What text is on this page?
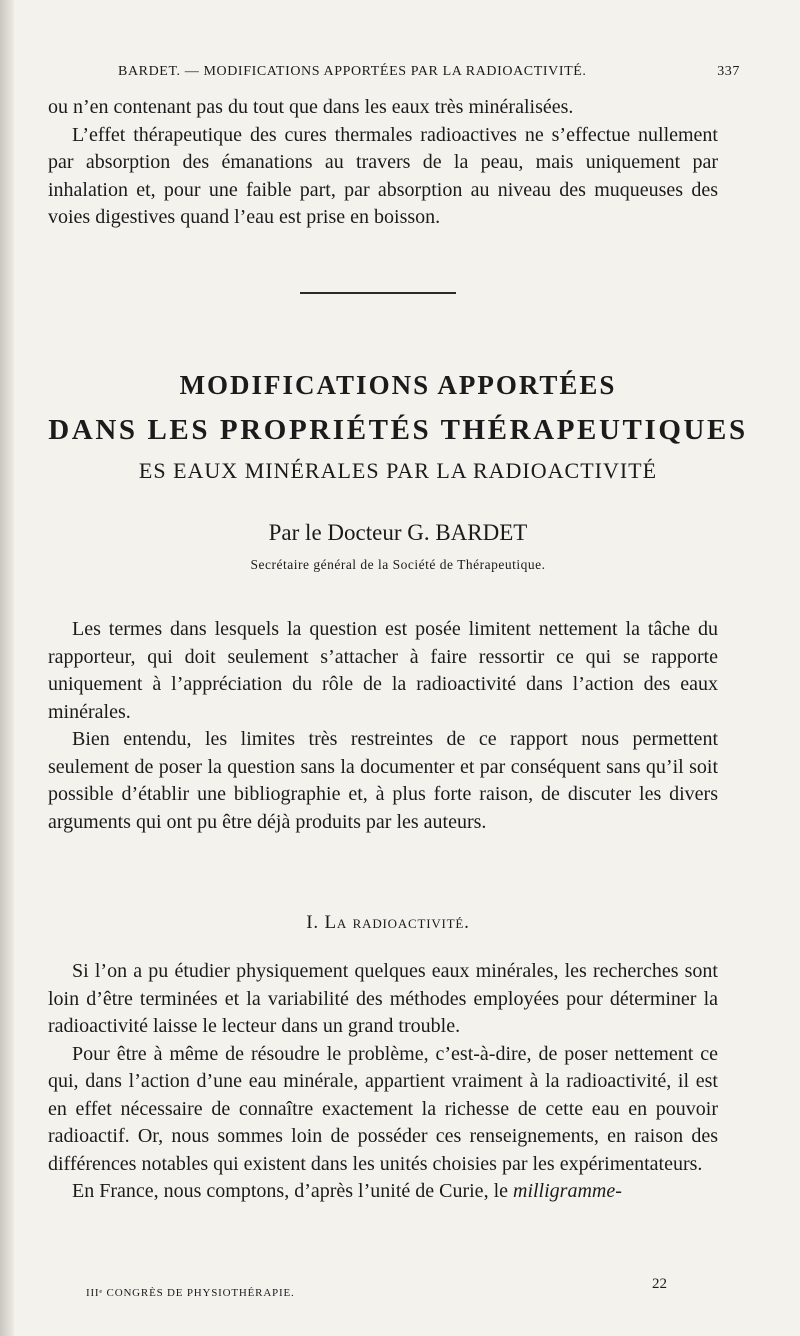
BARDET. — MODIFICATIONS APPORTÉES PAR LA RADIOACTIVITÉ.	337

ou n’en contenant pas du tout que dans les eaux très minéralisées.

L’effet thérapeutique des cures thermales radioactives ne s’effectue nullement par absorption des émanations au travers de la peau, mais uniquement par inhalation et, pour une faible part, par absorption au niveau des muqueuses des voies digestives quand l’eau est prise en boisson.

MODIFICATIONS APPORTÉES
DANS LES PROPRIÉTÉS THÉRAPEUTIQUES
ES EAUX MINÉRALES PAR LA RADIOACTIVITÉ
Par le Docteur G. BARDET
Secrétaire général de la Société de Thérapeutique.

Les termes dans lesquels la question est posée limitent nettement la tâche du rapporteur, qui doit seulement s’attacher à faire ressortir ce qui se rapporte uniquement à l’appréciation du rôle de la radioactivité dans l’action des eaux minérales.

Bien entendu, les limites très restreintes de ce rapport nous permettent seulement de poser la question sans la documenter et par conséquent sans qu’il soit possible d’établir une bibliographie et, à plus forte raison, de discuter les divers arguments qui ont pu être déjà produits par les auteurs.

I. La radioactivité.

Si l’on a pu étudier physiquement quelques eaux minérales, les recherches sont loin d’être terminées et la variabilité des méthodes employées pour déterminer la radioactivité laisse le lecteur dans un grand trouble.

Pour être à même de résoudre le problème, c’est-à-dire, de poser nettement ce qui, dans l’action d’une eau minérale, appartient vraiment à la radioactivité, il est en effet nécessaire de connaître exactement la richesse de cette eau en pouvoir radioactif. Or, nous sommes loin de posséder ces renseignements, en raison des différences notables qui existent dans les unités choisies par les expérimentateurs.

En France, nous comptons, d’après l’unité de Curie, le milligramme-

IIIᵉ CONGRÈS DE PHYSIOTHÉRAPIE.
22
